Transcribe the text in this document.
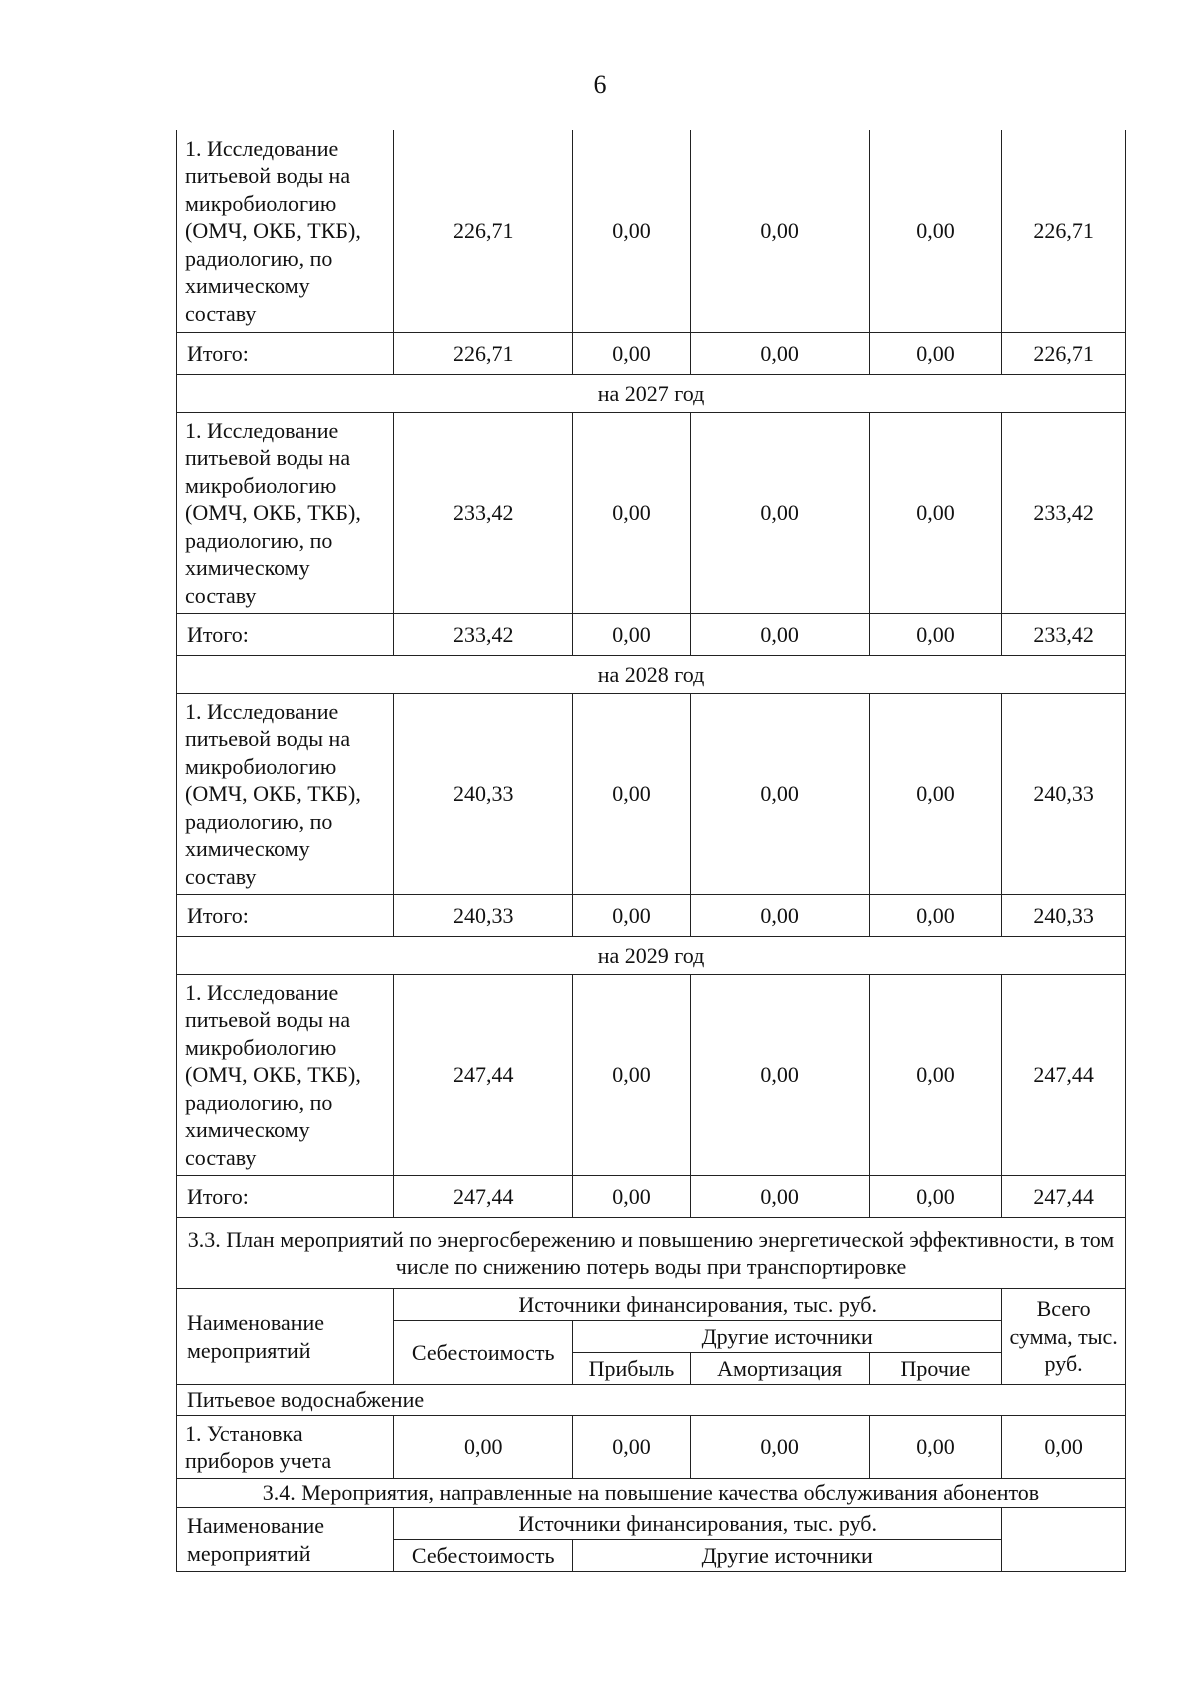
6
1. Исследование питьевой воды на микробиологию (ОМЧ, ОКБ, ТКБ), радиологию, по химическому составу	226,71	0,00	0,00	0,00	226,71
Итого:	226,71	0,00	0,00	0,00	226,71
на 2027 год					
1. Исследование питьевой воды на микробиологию (ОМЧ, ОКБ, ТКБ), радиологию, по химическому составу	233,42	0,00	0,00	0,00	233,42
Итого:	233,42	0,00	0,00	0,00	233,42
на 2028 год					
1. Исследование питьевой воды на микробиологию (ОМЧ, ОКБ, ТКБ), радиологию, по химическому составу	240,33	0,00	0,00	0,00	240,33
Итого:	240,33	0,00	0,00	0,00	240,33
на 2029 год					
1. Исследование питьевой воды на микробиологию (ОМЧ, ОКБ, ТКБ), радиологию, по химическому составу	247,44	0,00	0,00	0,00	247,44
Итого:	247,44	0,00	0,00	0,00	247,44
3.3. План мероприятий по энергосбережению и повышению энергетической эффективности, в том числе по снижению потерь воды при транспортировке					
Наименование мероприятий	Источники финансирования, тыс. руб.				Всего сумма, тыс. руб.
	Себестоимость	Другие источники			
		Прибыль	Амортизация	Прочие	
Питьевое водоснабжение					
1. Установка приборов учета	0,00	0,00	0,00	0,00	0,00
3.4. Мероприятия, направленные на повышение качества обслуживания абонентов					
Наименование мероприятий	Источники финансирования, тыс. руб.				
	Себестоимость	Другие источники			
